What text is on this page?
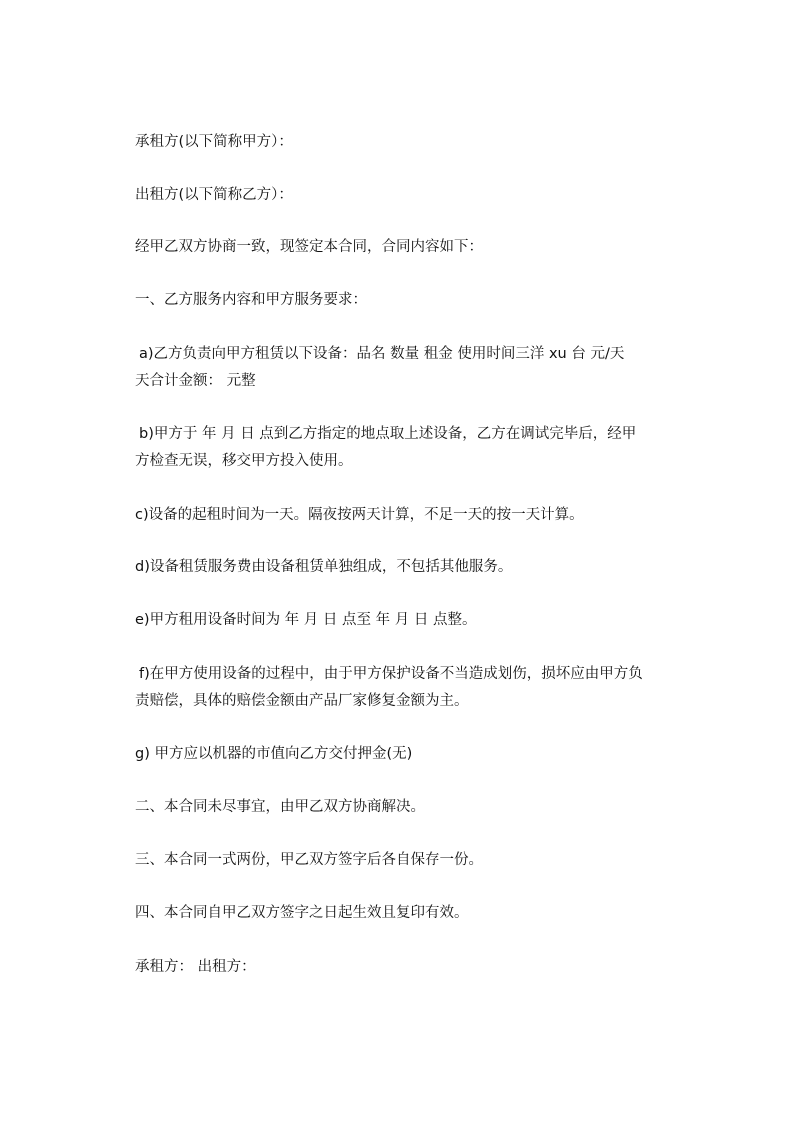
承租方(以下简称甲方）：
出租方(以下简称乙方）：
经甲乙双方协商一致，现签定本合同，合同内容如下：
一、乙方服务内容和甲方服务要求：
a)乙方负责向甲方租赁以下设备：品名 数量 租金 使用时间三洋 xu 台 元/天
天合计金额： 元整
b)甲方于 年 月 日 点到乙方指定的地点取上述设备，乙方在调试完毕后，经甲
方检查无误，移交甲方投入使用。
c)设备的起租时间为一天。隔夜按两天计算，不足一天的按一天计算。
d)设备租赁服务费由设备租赁单独组成，不包括其他服务。
e)甲方租用设备时间为 年 月 日 点至 年 月 日 点整。
f)在甲方使用设备的过程中，由于甲方保护设备不当造成划伤，损坏应由甲方负
责赔偿，具体的赔偿金额由产品厂家修复金额为主。
g) 甲方应以机器的市值向乙方交付押金(无)
二、本合同未尽事宜，由甲乙双方协商解决。
三、本合同一式两份，甲乙双方签字后各自保存一份。
四、本合同自甲乙双方签字之日起生效且复印有效。
承租方： 出租方：
